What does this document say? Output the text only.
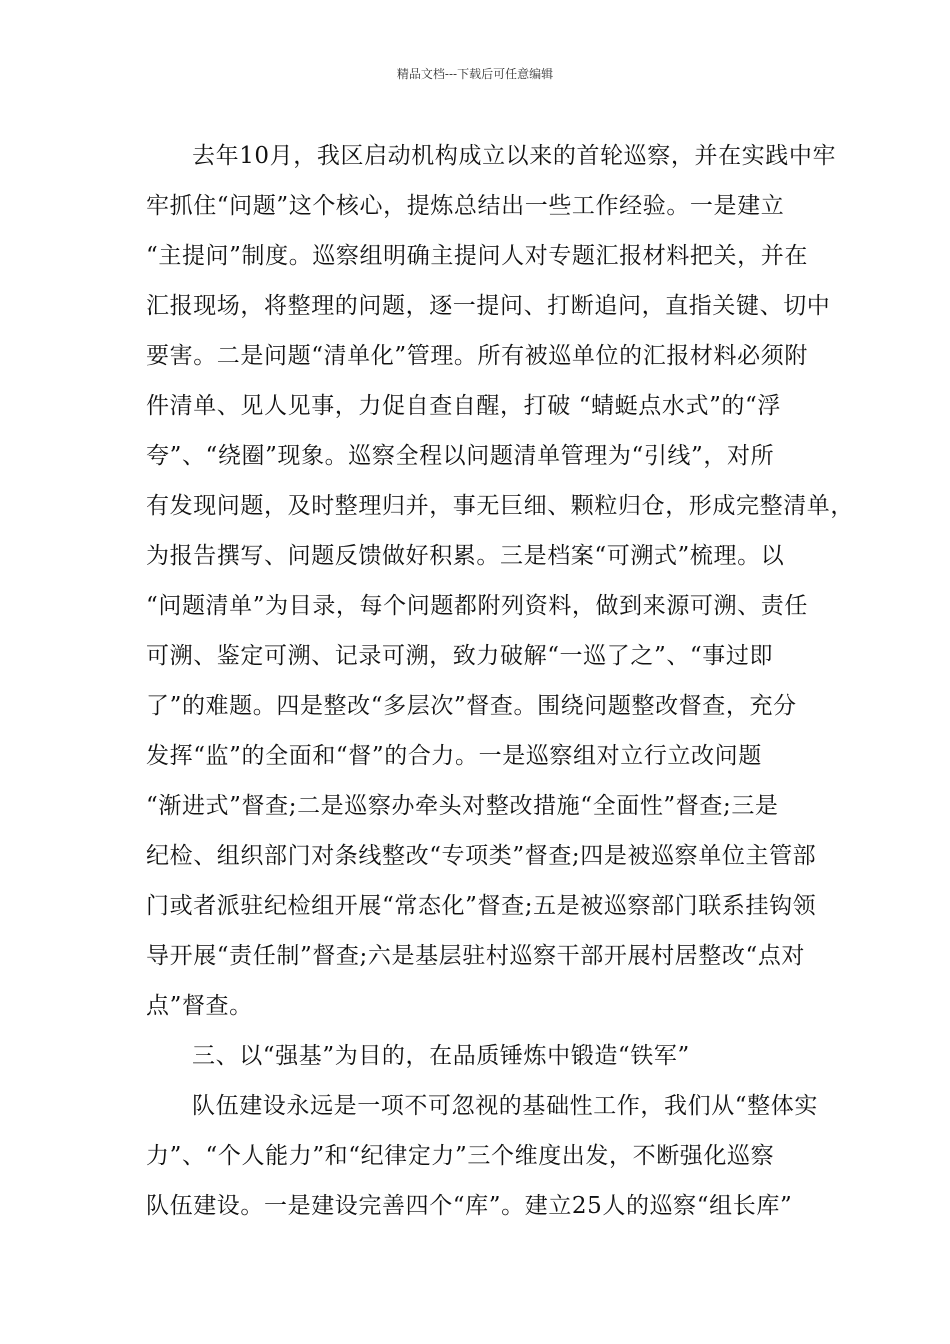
精品文档---下载后可任意编辑
去年10月，我区启动机构成立以来的首轮巡察，并在实践中牢
牢抓住“问题”这个核心，提炼总结出一些工作经验。一是建立
“主提问”制度。巡察组明确主提问人对专题汇报材料把关，并在
汇报现场，将整理的问题，逐一提问、打断追问，直指关键、切中
要害。二是问题“清单化”管理。所有被巡单位的汇报材料必须附
件清单、见人见事，力促自查自醒，打破 “蜻蜓点水式”的“浮
夸”、“绕圈”现象。巡察全程以问题清单管理为“引线”，对所
有发现问题，及时整理归并，事无巨细、颗粒归仓，形成完整清单，
为报告撰写、问题反馈做好积累。三是档案“可溯式”梳理。以
“问题清单”为目录，每个问题都附列资料，做到来源可溯、责任
可溯、鉴定可溯、记录可溯，致力破解“一巡了之”、“事过即
了”的难题。四是整改“多层次”督查。围绕问题整改督查，充分
发挥“监”的全面和“督”的合力。一是巡察组对立行立改问题
“渐进式”督查;二是巡察办牵头对整改措施“全面性”督查;三是
纪检、组织部门对条线整改“专项类”督查;四是被巡察单位主管部
门或者派驻纪检组开展“常态化”督查;五是被巡察部门联系挂钩领
导开展“责任制”督查;六是基层驻村巡察干部开展村居整改“点对
点”督查。
三、以“强基”为目的，在品质锤炼中锻造“铁军”
队伍建设永远是一项不可忽视的基础性工作，我们从“整体实
力”、“个人能力”和“纪律定力”三个维度出发，不断强化巡察
队伍建设。一是建设完善四个“库”。建立25人的巡察“组长库”
